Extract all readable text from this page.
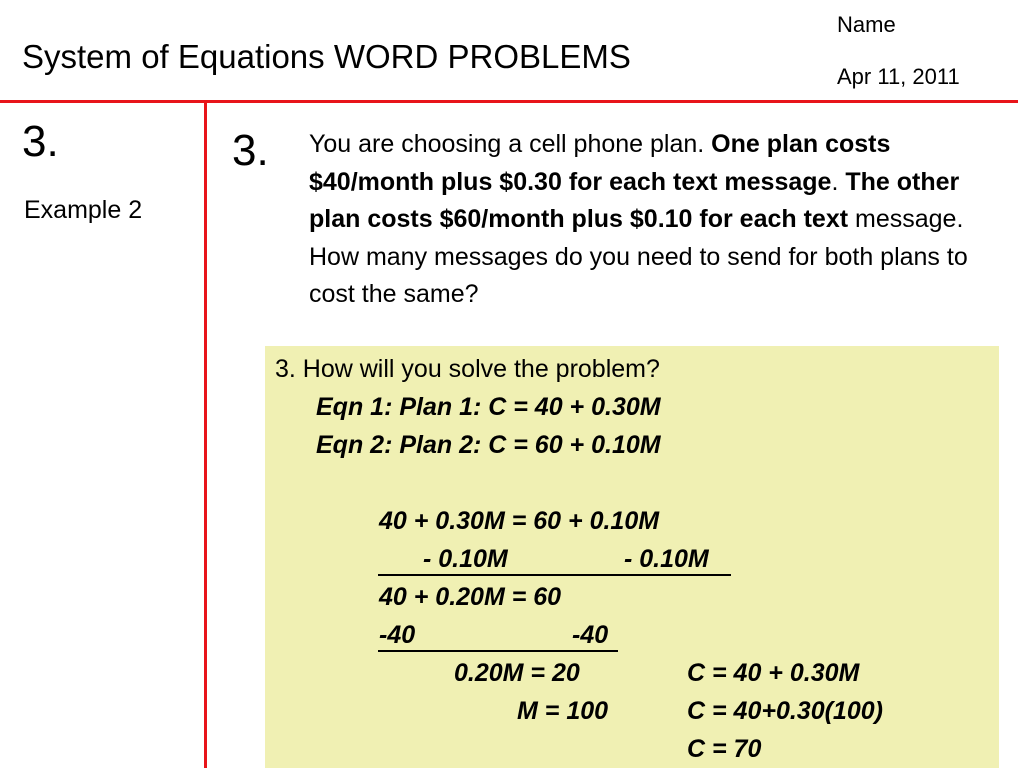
System of Equations WORD PROBLEMS
Name
Apr 11, 2011
3.
Example 2
3. You are choosing a cell phone plan. One plan costs $40/month plus $0.30 for each text message. The other plan costs $60/month plus $0.10 for each text message. How many messages do you need to send for both plans to cost the same?
3. How will you solve the problem?
Eqn 1: Plan 1: C = 40 + 0.30M
Eqn 2: Plan 2: C = 60 + 0.10M
40 + 0.30M = 60 + 0.10M
- 0.10M	- 0.10M
40 + 0.20M = 60
-40	-40
0.20M = 20
M = 100
C = 40 + 0.30M
C = 40+0.30(100)
C = 70
